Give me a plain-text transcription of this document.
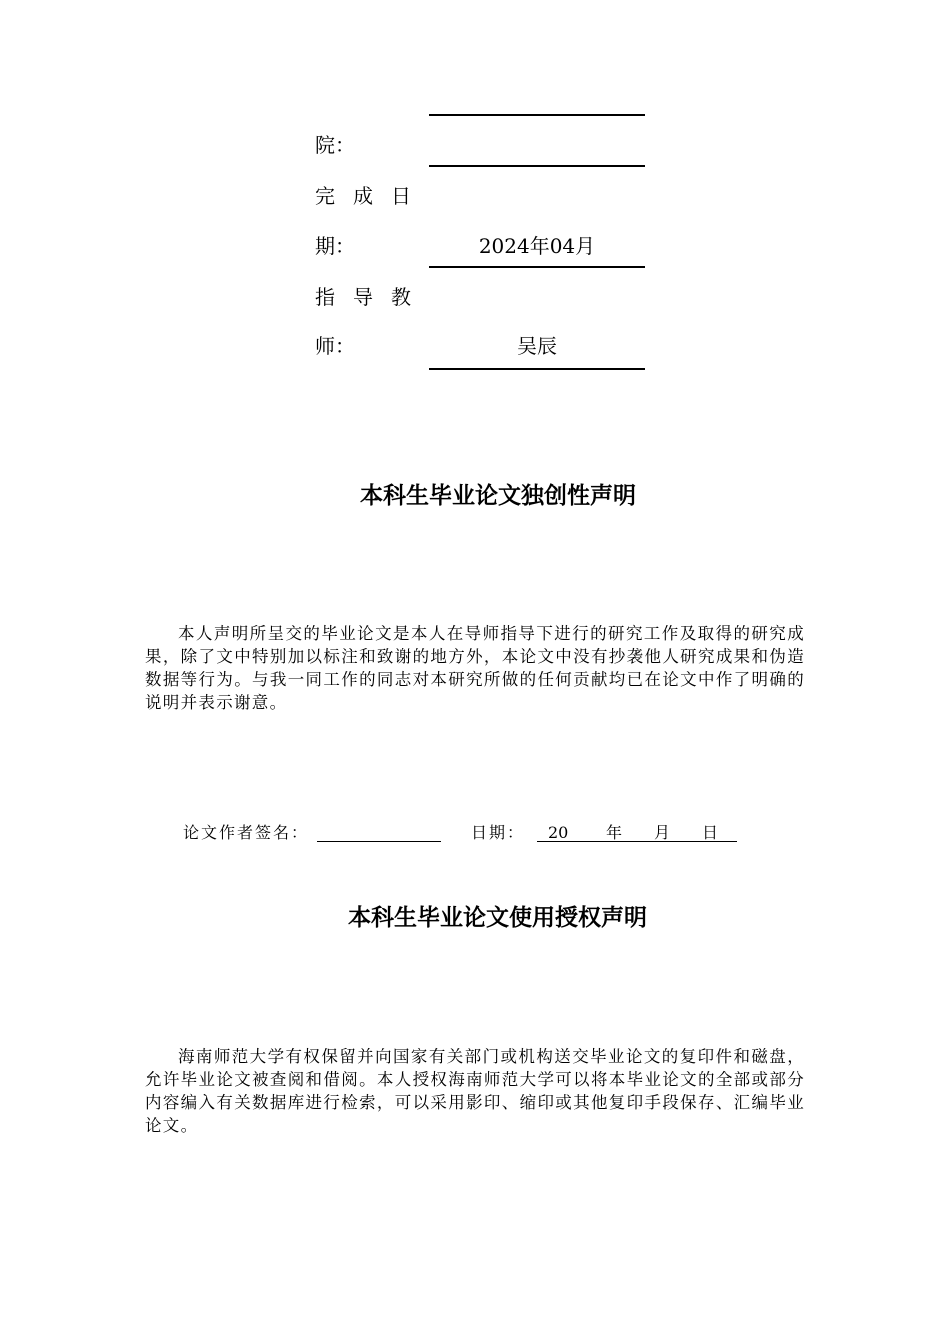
院：
完成日
期：	2024年04月
指导教
师：	吴辰
本科生毕业论文独创性声明

本人声明所呈交的毕业论文是本人在导师指导下进行的研究工作及取得的研究成果，除了文中特别加以标注和致谢的地方外，本论文中没有抄袭他人研究成果和伪造数据等行为。与我一同工作的同志对本研究所做的任何贡献均已在论文中作了明确的说明并表示谢意。

论文作者签名：	日期： 20 年 月 日
本科生毕业论文使用授权声明

海南师范大学有权保留并向国家有关部门或机构送交毕业论文的复印件和磁盘，允许毕业论文被查阅和借阅。本人授权海南师范大学可以将本毕业论文的全部或部分内容编入有关数据库进行检索，可以采用影印、缩印或其他复印手段保存、汇编毕业论文。
